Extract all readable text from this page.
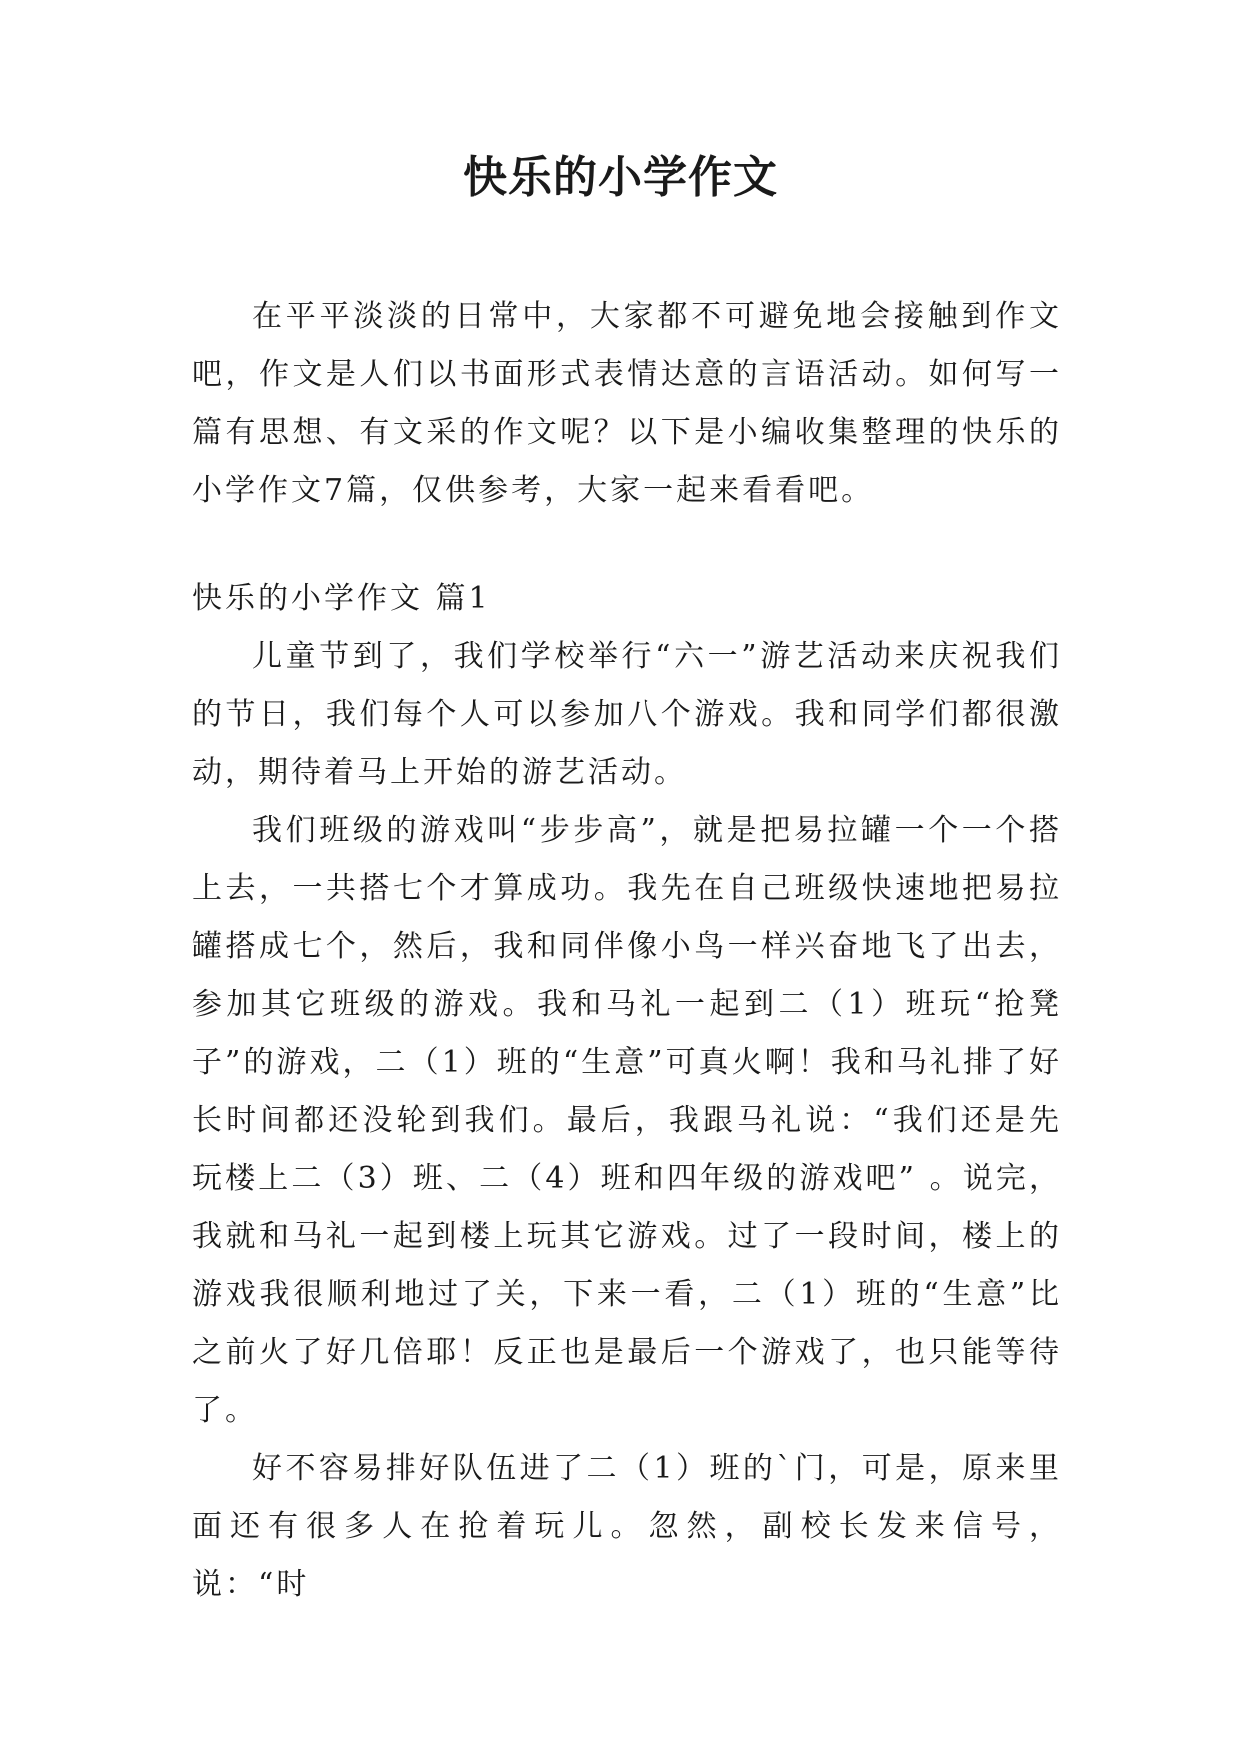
快乐的小学作文

在平平淡淡的日常中，大家都不可避免地会接触到作文吧，作文是人们以书面形式表情达意的言语活动。如何写一篇有思想、有文采的作文呢？以下是小编收集整理的快乐的小学作文7篇，仅供参考，大家一起来看看吧。

快乐的小学作文 篇1

儿童节到了，我们学校举行“六一”游艺活动来庆祝我们的节日，我们每个人可以参加八个游戏。我和同学们都很激动，期待着马上开始的游艺活动。

我们班级的游戏叫“步步高”，就是把易拉罐一个一个搭上去，一共搭七个才算成功。我先在自己班级快速地把易拉罐搭成七个，然后，我和同伴像小鸟一样兴奋地飞了出去，参加其它班级的游戏。我和马礼一起到二（1）班玩“抢凳子”的游戏，二（1）班的“生意”可真火啊！我和马礼排了好长时间都还没轮到我们。最后，我跟马礼说：“我们还是先玩楼上二（3）班、二（4）班和四年级的游戏吧” 。说完，我就和马礼一起到楼上玩其它游戏。过了一段时间，楼上的游戏我很顺利地过了关，下来一看，二（1）班的“生意”比之前火了好几倍耶！反正也是最后一个游戏了，也只能等待了。

好不容易排好队伍进了二（1）班的`门，可是，原来里面还有很多人在抢着玩儿。忽然，副校长发来信号，说：“时
